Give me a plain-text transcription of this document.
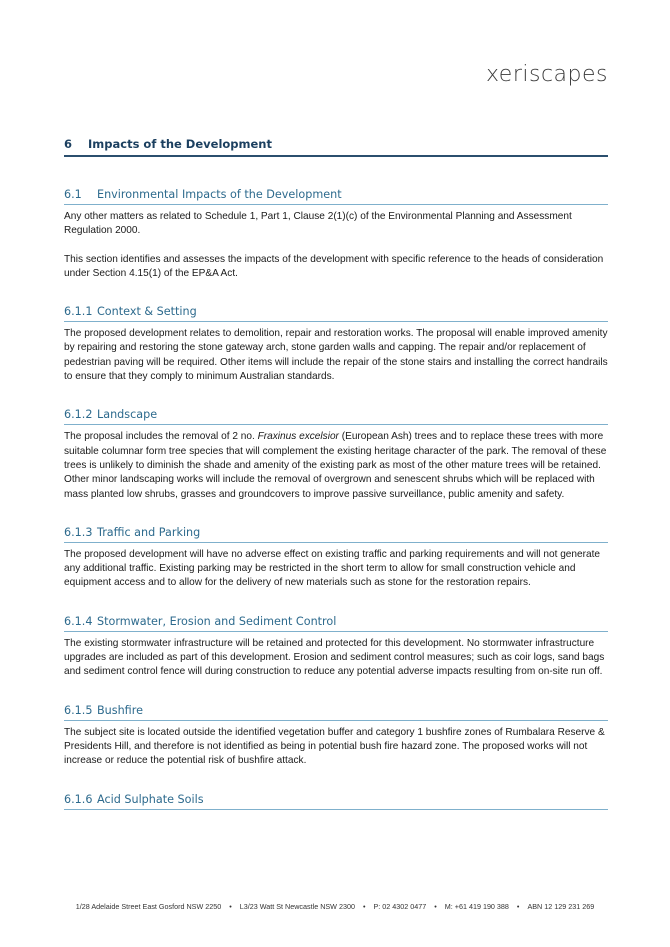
xeriscapes
6 Impacts of the Development
6.1 Environmental Impacts of the Development

Any other matters as related to Schedule 1, Part 1, Clause 2(1)(c) of the Environmental Planning and Assessment Regulation 2000.

This section identifies and assesses the impacts of the development with specific reference to the heads of consideration under Section 4.15(1) of the EP&A Act.

6.1.1 Context & Setting

The proposed development relates to demolition, repair and restoration works. The proposal will enable improved amenity by repairing and restoring the stone gateway arch, stone garden walls and capping. The repair and/or replacement of pedestrian paving will be required. Other items will include the repair of the stone stairs and installing the correct handrails to ensure that they comply to minimum Australian standards.

6.1.2 Landscape

The proposal includes the removal of 2 no. Fraxinus excelsior (European Ash) trees and to replace these trees with more suitable columnar form tree species that will complement the existing heritage character of the park. The removal of these trees is unlikely to diminish the shade and amenity of the existing park as most of the other mature trees will be retained. Other minor landscaping works will include the removal of overgrown and senescent shrubs which will be replaced with mass planted low shrubs, grasses and groundcovers to improve passive surveillance, public amenity and safety.

6.1.3 Traffic and Parking

The proposed development will have no adverse effect on existing traffic and parking requirements and will not generate any additional traffic. Existing parking may be restricted in the short term to allow for small construction vehicle and equipment access and to allow for the delivery of new materials such as stone for the restoration repairs.

6.1.4 Stormwater, Erosion and Sediment Control

The existing stormwater infrastructure will be retained and protected for this development. No stormwater infrastructure upgrades are included as part of this development. Erosion and sediment control measures; such as coir logs, sand bags and sediment control fence will during construction to reduce any potential adverse impacts resulting from on-site run off.

6.1.5 Bushfire

The subject site is located outside the identified vegetation buffer and category 1 bushfire zones of Rumbalara Reserve & Presidents Hill, and therefore is not identified as being in potential bush fire hazard zone. The proposed works will not increase or reduce the potential risk of bushfire attack.

6.1.6 Acid Sulphate Soils
1/28 Adelaide Street East Gosford NSW 2250 • L3/23 Watt St Newcastle NSW 2300 • P: 02 4302 0477 • M: +61 419 190 388 • ABN 12 129 231 269
